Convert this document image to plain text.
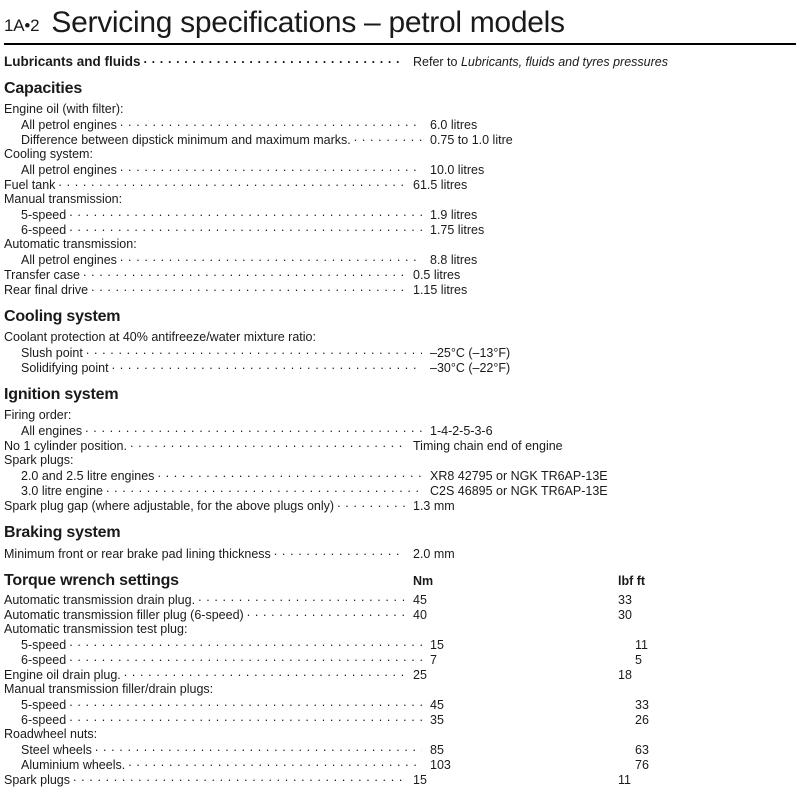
1A•2 Servicing specifications – petrol models
Lubricants and fluids . . .	Refer to Lubricants, fluids and tyres pressures
Capacities
Engine oil (with filter):
All petrol engines . . .	6.0 litres
Difference between dipstick minimum and maximum marks. . . .	0.75 to 1.0 litre
Cooling system:
All petrol engines . . .	10.0 litres
Fuel tank . . .	61.5 litres
Manual transmission:
5-speed . . .	1.9 litres
6-speed . . .	1.75 litres
Automatic transmission:
All petrol engines . . .	8.8 litres
Transfer case . . .	0.5 litres
Rear final drive . . .	1.15 litres
Cooling system
Coolant protection at 40% antifreeze/water mixture ratio:
Slush point . . .	–25°C (–13°F)
Solidifying point . . .	–30°C (–22°F)
Ignition system
Firing order:
All engines . . .	1-4-2-5-3-6
No 1 cylinder position. . . .	Timing chain end of engine
Spark plugs:
2.0 and 2.5 litre engines . . .	XR8 42795 or NGK TR6AP-13E
3.0 litre engine . . .	C2S 46895 or NGK TR6AP-13E
Spark plug gap (where adjustable, for the above plugs only) . . .	1.3 mm
Braking system
Minimum front or rear brake pad lining thickness . . .	2.0 mm
Torque wrench settings	Nm	lbf ft
Automatic transmission drain plug. . . .	45	33
Automatic transmission filler plug (6-speed) . . .	40	30
Automatic transmission test plug:
5-speed . . .	15	11
6-speed . . .	7	5
Engine oil drain plug. . . .	25	18
Manual transmission filler/drain plugs:
5-speed . . .	45	33
6-speed . . .	35	26
Roadwheel nuts:
Steel wheels . . .	85	63
Aluminium wheels. . . .	103	76
Spark plugs . . .	15	11
